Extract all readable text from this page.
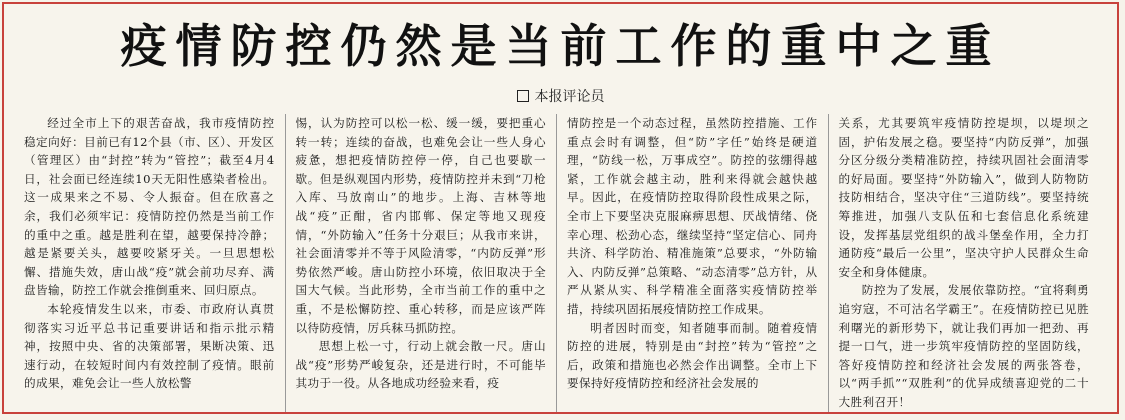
疫情防控仍然是当前工作的重中之重
本报评论员

经过全市上下的艰苦奋战，我市疫情防控稳定向好：目前已有12个县（市、区）、开发区（管理区）由“封控”转为“管控”；截至4月4日，社会面已经连续10天无阳性感染者检出。这一成果来之不易、令人振奋。但在欣喜之余，我们必须牢记：疫情防控仍然是当前工作的重中之重。越是胜利在望，越要保持冷静；越是紧要关头，越要咬紧牙关。一旦思想松懈、措施失效，唐山战“疫”就会前功尽弃、满盘皆输，防控工作就会推倒重来、回归原点。

本轮疫情发生以来，市委、市政府认真贯彻落实习近平总书记重要讲话和指示批示精神，按照中央、省的决策部署，果断决策、迅速行动，在较短时间内有效控制了疫情。眼前的成果，难免会让一些人放松警

惕，认为防控可以松一松、缓一缓，要把重心转一转；连续的奋战，也难免会让一些人身心疲惫，想把疫情防控停一停，自己也要歇一歇。但是纵观国内形势，疫情防控并未到“刀枪入库、马放南山”的地步。上海、吉林等地战“疫”正酣，省内邯郸、保定等地又现疫情，“外防输入”任务十分艰巨；从我市来讲，社会面清零并不等于风险清零，“内防反弹”形势依然严峻。唐山防控小环境，依旧取决于全国大气候。当此形势，全市当前工作的重中之重，不是松懈防控、重心转移，而是应该严阵以待防疫情，厉兵秣马抓防控。

思想上松一寸，行动上就会散一尺。唐山战“疫”形势严峻复杂，还是进行时，不可能毕其功于一役。从各地成功经验来看，疫

情防控是一个动态过程，虽然防控措施、工作重点会时有调整，但“防”字任”始终是硬道理，“防线一松，万事成空”。防控的弦绷得越紧，工作就会越主动，胜利来得就会越快越早。因此，在疫情防控取得阶段性成果之际，全市上下要坚决克服麻痹思想、厌战情绪、侥幸心理、松劲心态，继续坚持“坚定信心、同舟共济、科学防治、精准施策”总要求，“外防输入、内防反弹”总策略、“动态清零”总方针，从严从紧从实、科学精准全面落实疫情防控举措，持续巩固拓展疫情防控工作成果。

明者因时而变，知者随事而制。随着疫情防控的进展，特别是由“封控”转为“管控”之后，政策和措施也必然会作出调整。全市上下要保持好疫情防控和经济社会发展的

关系，尤其要筑牢疫情防控堤坝，以堤坝之固，护佑发展之稳。要坚持“内防反弹”，加强分区分级分类精准防控，持续巩固社会面清零的好局面。要坚持“外防输入”，做到人防物防技防相结合，坚决守住“三道防线”。要坚持统筹推进，加强八支队伍和七套信息化系统建设，发挥基层党组织的战斗堡垒作用，全力打通防疫“最后一公里”，坚决守护人民群众生命安全和身体健康。

防控为了发展，发展依靠防控。“宜将剩勇追穷寇，不可沽名学霸王”。在疫情防控已见胜利曙光的新形势下，就让我们再加一把劲、再提一口气，进一步筑牢疫情防控的坚固防线，答好疫情防控和经济社会发展的两张答卷，以“两手抓”“双胜利”的优异成绩喜迎党的二十大胜利召开！
